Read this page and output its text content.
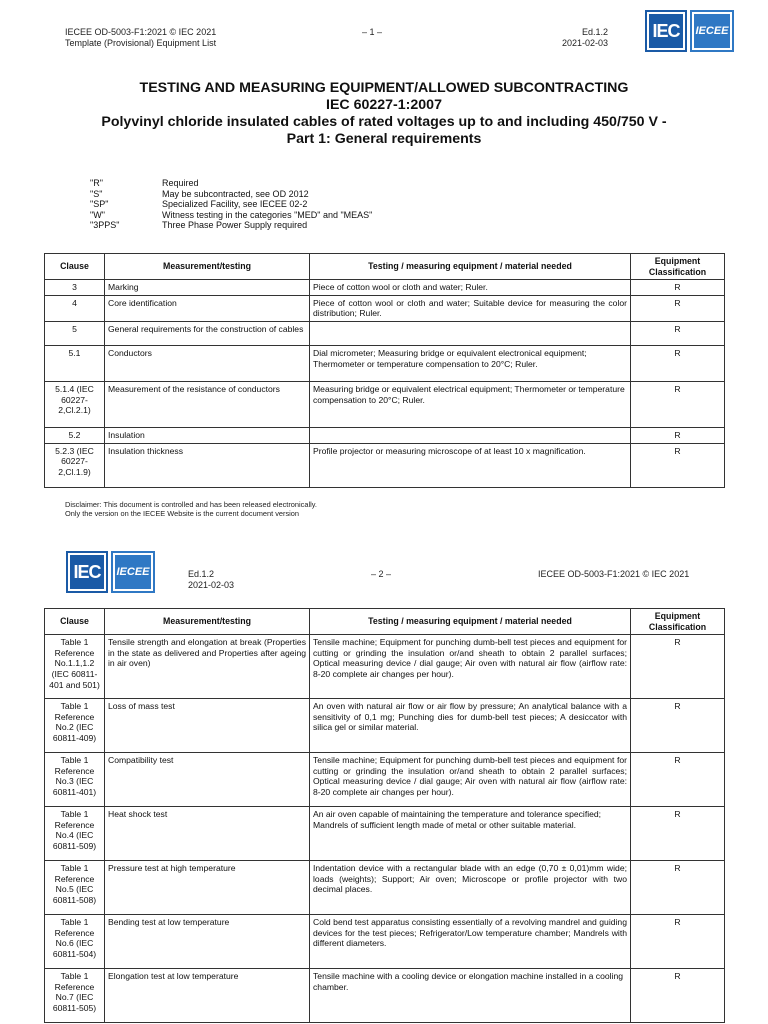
IECEE OD-5003-F1:2021 © IEC 2021
Template (Provisional) Equipment List
– 1 –	Ed.1.2
2021-02-03
IEC	IECEE
TESTING AND MEASURING EQUIPMENT/ALLOWED SUBCONTRACTING
IEC 60227-1:2007
Polyvinyl chloride insulated cables of rated voltages up to and including 450/750 V -
Part 1: General requirements
"R"	Required
"S"	May be subcontracted, see OD 2012
"SP"	Specialized Facility, see IECEE 02-2
"W"	Witness testing in the categories "MED" and "MEAS"
"3PPS"	Three Phase Power Supply required
Clause	Measurement/testing	Testing / measuring equipment / material needed	Equipment Classification
3	Marking	Piece of cotton wool or cloth and water; Ruler.	R
4	Core identification	Piece of cotton wool or cloth and water; Suitable device for measuring the color distribution; Ruler.	R
5	General requirements for the construction of cables		R
5.1	Conductors	Dial micrometer; Measuring bridge or equivalent electronical equipment; Thermometer or temperature compensation to 20°C; Ruler.	R
5.1.4 (IEC 60227-2,Cl.2.1)	Measurement of the resistance of conductors	Measuring bridge or equivalent electrical equipment; Thermometer or temperature compensation to 20°C; Ruler.	R
5.2	Insulation		R
5.2.3 (IEC 60227-2,Cl.1.9)	Insulation thickness	Profile projector or measuring microscope of at least 10 x magnification.	R
Disclaimer: This document is controlled and has been released electronically.
Only the version on the IECEE Website is the current document version
IEC	IECEE	Ed.1.2
2021-02-03
– 2 –	IECEE OD-5003-F1:2021 © IEC 2021
Clause	Measurement/testing	Testing / measuring equipment / material needed	Equipment Classification
Table 1 Reference No.1.1,1.2 (IEC 60811-401 and 501)	Tensile strength and elongation at break (Properties in the state as delivered and Properties after ageing in air oven)	Tensile machine; Equipment for punching dumb-bell test pieces and equipment for cutting or grinding the insulation or/and sheath to obtain 2 parallel surfaces; Optical measuring device / dial gauge; Air oven with natural air flow (airflow rate: 8-20 complete air changes per hour).	R
Table 1 Reference No.2 (IEC 60811-409)	Loss of mass test	An oven with natural air flow or air flow by pressure; An analytical balance with a sensitivity of 0,1 mg; Punching dies for dumb-bell test pieces; A desiccator with silica gel or similar material.	R
Table 1 Reference No.3 (IEC 60811-401)	Compatibility test	Tensile machine; Equipment for punching dumb-bell test pieces and equipment for cutting or grinding the insulation or/and sheath to obtain 2 parallel surfaces; Optical measuring device / dial gauge; Air oven with natural air flow (airflow rate: 8-20 complete air changes per hour).	R
Table 1 Reference No.4 (IEC 60811-509)	Heat shock test	An air oven capable of maintaining the temperature and tolerance specified; Mandrels of sufficient length made of metal or other suitable material.	R
Table 1 Reference No.5 (IEC 60811-508)	Pressure test at high temperature	Indentation device with a rectangular blade with an edge (0,70 ± 0,01)mm wide; loads (weights); Support; Air oven; Microscope or profile projector with two decimal places.	R
Table 1 Reference No.6 (IEC 60811-504)	Bending test at low temperature	Cold bend test apparatus consisting essentially of a revolving mandrel and guiding devices for the test pieces; Refrigerator/Low temperature chamber; Mandrels with different diameters.	R
Table 1 Reference No.7 (IEC 60811-505)	Elongation test at low temperature	Tensile machine with a cooling device or elongation machine installed in a cooling chamber.	R
